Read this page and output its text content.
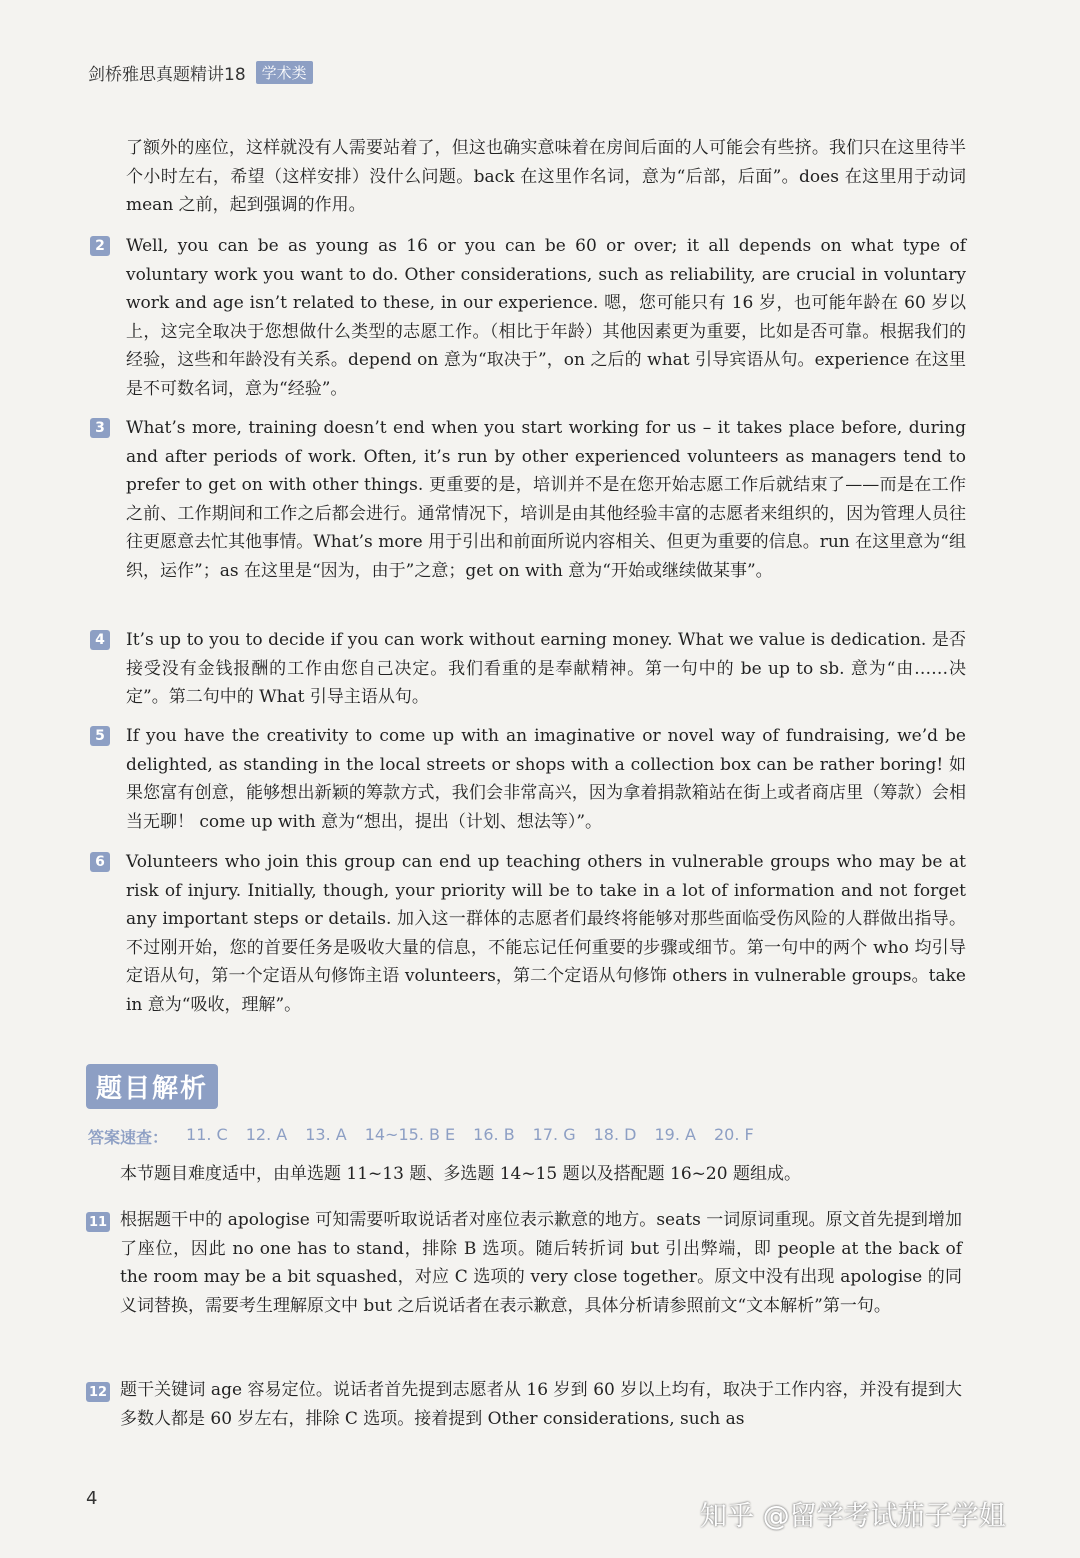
剑桥雅思真题精讲18	学术类
了额外的座位，这样就没有人需要站着了，但这也确实意味着在房间后面的人可能会有些挤。我们只在这里待半个小时左右，希望（这样安排）没什么问题。back 在这里作名词，意为“后部，后面”。does 在这里用于动词 mean 之前，起到强调的作用。
2	Well, you can be as young as 16 or you can be 60 or over; it all depends on what type of voluntary work you want to do. Other considerations, such as reliability, are crucial in voluntary work and age isn’t related to these, in our experience. 嗯，您可能只有 16 岁，也可能年龄在 60 岁以上，这完全取决于您想做什么类型的志愿工作。（相比于年龄）其他因素更为重要，比如是否可靠。根据我们的经验，这些和年龄没有关系。depend on 意为“取决于”，on 之后的 what 引导宾语从句。experience 在这里是不可数名词，意为“经验”。
3	What’s more, training doesn’t end when you start working for us – it takes place before, during and after periods of work. Often, it’s run by other experienced volunteers as managers tend to prefer to get on with other things. 更重要的是，培训并不是在您开始志愿工作后就结束了——而是在工作之前、工作期间和工作之后都会进行。通常情况下，培训是由其他经验丰富的志愿者来组织的，因为管理人员往往更愿意去忙其他事情。What’s more 用于引出和前面所说内容相关、但更为重要的信息。run 在这里意为“组织，运作”；as 在这里是“因为，由于”之意；get on with 意为“开始或继续做某事”。
4	It’s up to you to decide if you can work without earning money. What we value is dedication. 是否接受没有金钱报酬的工作由您自己决定。我们看重的是奉献精神。第一句中的 be up to sb. 意为“由……决定”。第二句中的 What 引导主语从句。
5	If you have the creativity to come up with an imaginative or novel way of fundraising, we’d be delighted, as standing in the local streets or shops with a collection box can be rather boring! 如果您富有创意，能够想出新颖的筹款方式，我们会非常高兴，因为拿着捐款箱站在街上或者商店里（筹款）会相当无聊！ come up with 意为“想出，提出（计划、想法等）”。
6	Volunteers who join this group can end up teaching others in vulnerable groups who may be at risk of injury. Initially, though, your priority will be to take in a lot of information and not forget any important steps or details. 加入这一群体的志愿者们最终将能够对那些面临受伤风险的人群做出指导。不过刚开始，您的首要任务是吸收大量的信息，不能忘记任何重要的步骤或细节。第一句中的两个 who 均引导定语从句，第一个定语从句修饰主语 volunteers，第二个定语从句修饰 others in vulnerable groups。take in 意为“吸收，理解”。
题目解析
答案速查： 11. C 12. A 13. A 14~15. B E 16. B 17. G 18. D 19. A 20. F
本节题目难度适中，由单选题 11~13 题、多选题 14~15 题以及搭配题 16~20 题组成。
11 根据题干中的 apologise 可知需要听取说话者对座位表示歉意的地方。seats 一词原词重现。原文首先提到增加了座位，因此 no one has to stand，排除 B 选项。随后转折词 but 引出弊端，即 people at the back of the room may be a bit squashed，对应 C 选项的 very close together。原文中没有出现 apologise 的同义词替换，需要考生理解原文中 but 之后说话者在表示歉意，具体分析请参照前文“文本解析”第一句。
12 题干关键词 age 容易定位。说话者首先提到志愿者从 16 岁到 60 岁以上均有，取决于工作内容，并没有提到大多数人都是 60 岁左右，排除 C 选项。接着提到 Other considerations, such as
4
知乎 @留学考试茄子学姐
